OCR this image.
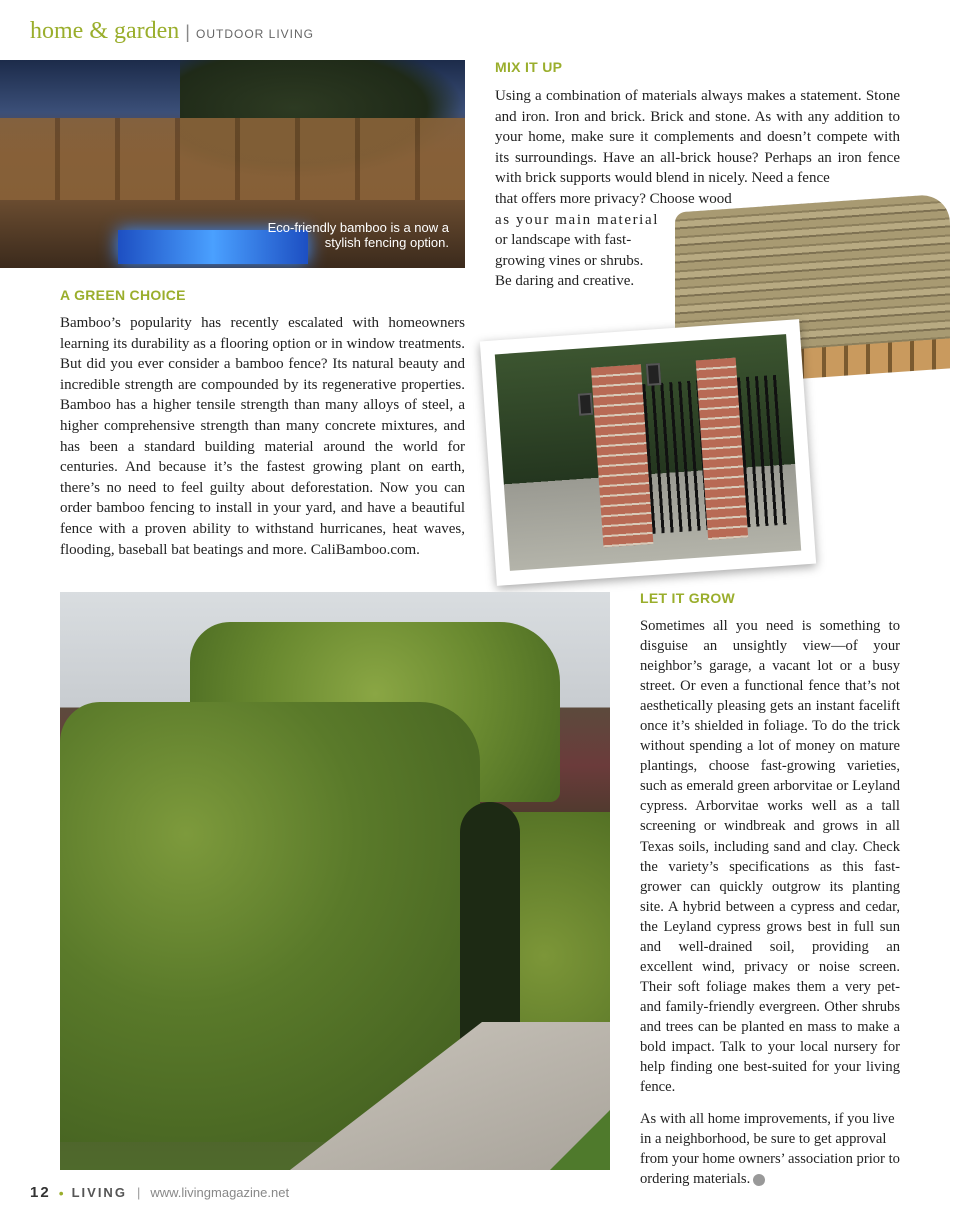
home & garden | OUTDOOR LIVING
Eco-friendly bamboo is a now a
stylish fencing option.
MIX IT UP
Using a combination of materials always makes a statement. Stone and iron. Iron and brick. Brick and stone. As with any addition to your home, make sure it complements and doesn’t compete with its surroundings. Have an all-brick house? Perhaps an iron fence with brick supports would blend in nicely. Need a fence
that offers more privacy? Choose wood
as your main material
or landscape with fast-
growing vines or shrubs.
Be daring and creative.
A GREEN CHOICE
Bamboo’s popularity has recently escalated with homeowners learning its durability as a flooring option or in window treatments. But did you ever consider a bamboo fence? Its natural beauty and incredible strength are compounded by its regenerative properties. Bamboo has a higher tensile strength than many alloys of steel, a higher comprehensive strength than many concrete mixtures, and has been a standard building material around the world for centuries. And because it’s the fastest growing plant on earth, there’s no need to feel guilty about deforestation. Now you can order bamboo fencing to install in your yard, and have a beautiful fence with a proven ability to withstand hurricanes, heat waves, flooding, baseball bat beatings and more. CaliBamboo.com.
LET IT GROW

Sometimes all you need is something to disguise an unsightly view—of your neighbor’s garage, a vacant lot or a busy street. Or even a functional fence that’s not aesthetically pleasing gets an instant facelift once it’s shielded in foliage. To do the trick without spending a lot of money on mature plantings, choose fast-growing varieties, such as emerald green arborvitae or Leyland cypress. Arborvitae works well as a tall screening or windbreak and grows in all Texas soils, including sand and clay. Check the variety’s specifications as this fast-grower can quickly outgrow its planting site. A hybrid between a cypress and cedar, the Leyland cypress grows best in full sun and well-drained soil, providing an excellent wind, privacy or noise screen. Their soft foliage makes them a very pet- and family-friendly evergreen. Other shrubs and trees can be planted en mass to make a bold impact. Talk to your local nursery for help finding one best-suited for your living fence.

As with all home improvements, if you live in a neighborhood, be sure to get approval from your home owners’ association prior to ordering materials.

12 • LIVING | www.livingmagazine.net
